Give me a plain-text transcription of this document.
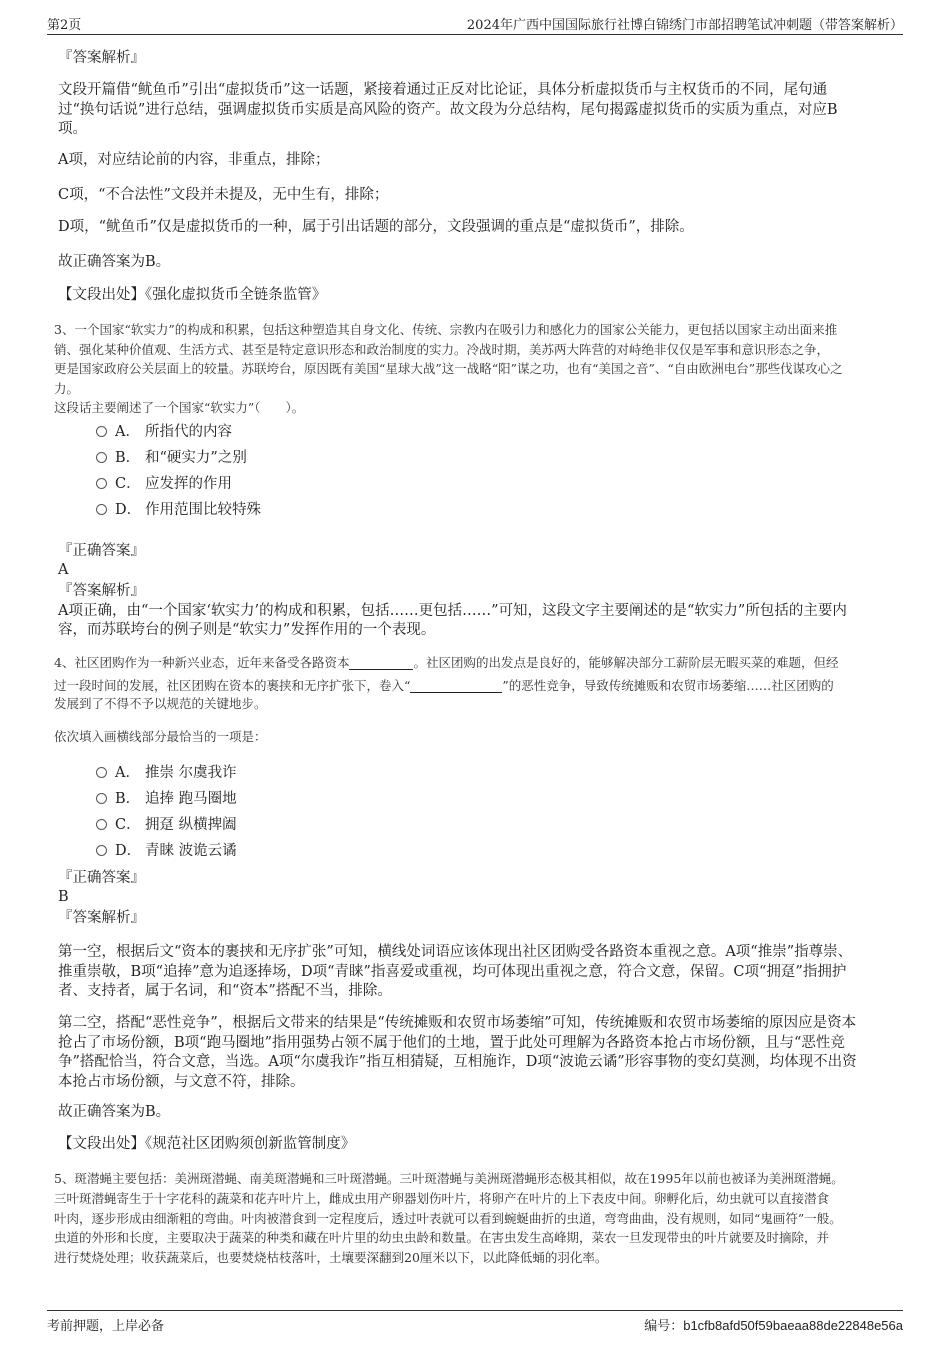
第2页	2024年广西中国国际旅行社博白锦绣门市部招聘笔试冲刺题（带答案解析）
『答案解析』
文段开篇借“鱿鱼币”引出“虚拟货币”这一话题，紧接着通过正反对比论证，具体分析虚拟货币与主权货币的不同，尾句通
过“换句话说”进行总结，强调虚拟货币实质是高风险的资产。故文段为分总结构，尾句揭露虚拟货币的实质为重点，对应B
项。
A项，对应结论前的内容，非重点，排除；
C项，“不合法性”文段并未提及，无中生有，排除；
D项，“鱿鱼币”仅是虚拟货币的一种，属于引出话题的部分，文段强调的重点是“虚拟货币”，排除。
故正确答案为B。
【文段出处】《强化虚拟货币全链条监管》
3、一个国家“软实力”的构成和积累，包括这种塑造其自身文化、传统、宗教内在吸引力和感化力的国家公关能力，更包括以国家主动出面来推
销、强化某种价值观、生活方式、甚至是特定意识形态和政治制度的实力。冷战时期，美苏两大阵营的对峙绝非仅仅是军事和意识形态之争，
更是国家政府公关层面上的较量。苏联垮台，原因既有美国“星球大战”这一战略“阳”谋之功，也有“美国之音”、“自由欧洲电台”那些伐谋攻心之
力。
这段话主要阐述了一个国家“软实力”（　　）。
A． 所指代的内容
B． 和“硬实力”之别
C． 应发挥的作用
D． 作用范围比较特殊
『正确答案』
A
『答案解析』
A项正确，由“一个国家‘软实力’的构成和积累，包括……更包括……”可知，这段文字主要阐述的是“软实力”所包括的主要内
容，而苏联垮台的例子则是“软实力”发挥作用的一个表现。
4、社区团购作为一种新兴业态，近年来备受各路资本	。社区团购的出发点是良好的，能够解决部分工薪阶层无暇买菜的难题，但经
过一段时间的发展，社区团购在资本的裹挟和无序扩张下，卷入“	”的恶性竞争，导致传统摊贩和农贸市场萎缩……社区团购的
发展到了不得不予以规范的关键地步。
依次填入画横线部分最恰当的一项是：
A． 推崇 尔虞我诈
B． 追捧 跑马圈地
C． 拥趸 纵横捭阖
D． 青睐 波诡云谲
『正确答案』
B
『答案解析』
第一空，根据后文“资本的裹挟和无序扩张”可知，横线处词语应该体现出社区团购受各路资本重视之意。A项“推崇”指尊崇、
推重崇敬，B项“追捧”意为追逐捧场，D项“青睐”指喜爱或重视，均可体现出重视之意，符合文意，保留。C项“拥趸”指拥护
者、支持者，属于名词，和“资本”搭配不当，排除。
第二空，搭配“恶性竞争”，根据后文带来的结果是“传统摊贩和农贸市场萎缩”可知，传统摊贩和农贸市场萎缩的原因应是资本
抢占了市场份额，B项“跑马圈地”指用强势占领不属于他们的土地，置于此处可理解为各路资本抢占市场份额，且与“恶性竞
争”搭配恰当，符合文意，当选。A项“尔虞我诈”指互相猜疑，互相施诈，D项“波诡云谲”形容事物的变幻莫测，均体现不出资
本抢占市场份额，与文意不符，排除。
故正确答案为B。
【文段出处】《规范社区团购须创新监管制度》
5、斑潜蝇主要包括：美洲斑潜蝇、南美斑潜蝇和三叶斑潜蝇。三叶斑潜蝇与美洲斑潜蝇形态极其相似，故在1995年以前也被译为美洲斑潜蝇。
三叶斑潜蝇寄生于十字花科的蔬菜和花卉叶片上，雌成虫用产卵器划伤叶片，将卵产在叶片的上下表皮中间。卵孵化后，幼虫就可以直接潜食
叶肉，逐步形成由细渐粗的弯曲。叶肉被潜食到一定程度后，透过叶表就可以看到蜿蜒曲折的虫道，弯弯曲曲，没有规则，如同“鬼画符”一般。
虫道的外形和长度，主要取决于蔬菜的种类和藏在叶片里的幼虫虫龄和数量。在害虫发生高峰期，菜农一旦发现带虫的叶片就要及时摘除，并
进行焚烧处理；收获蔬菜后，也要焚烧枯枝落叶，土壤要深翻到20厘米以下，以此降低蛹的羽化率。
考前押题，上岸必备	编号：b1cfb8afd50f59baeaa88de22848e56a
